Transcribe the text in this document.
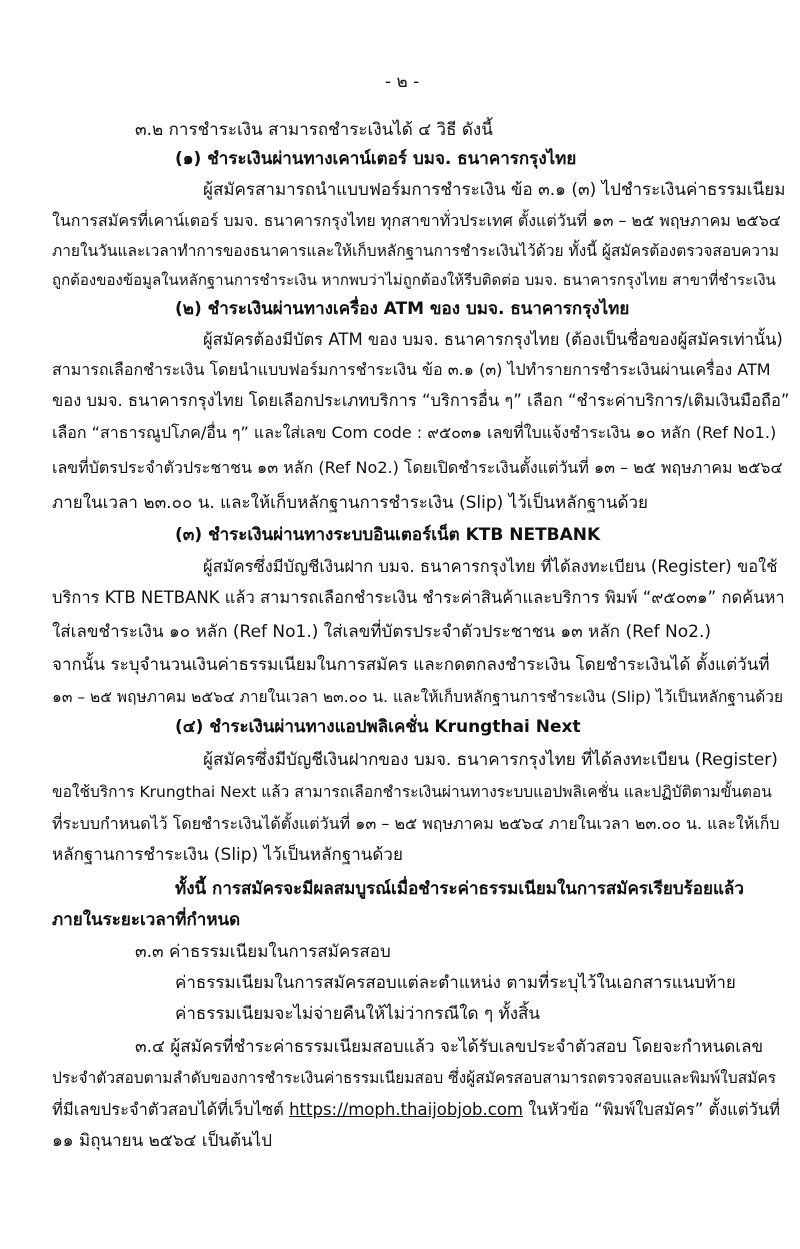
- ๒ -
๓.๒ การชำระเงิน สามารถชำระเงินได้ ๔ วิธี ดังนี้
(๑) ชำระเงินผ่านทางเคาน์เตอร์ บมจ. ธนาคารกรุงไทย
ผู้สมัครสามารถนำแบบฟอร์มการชำระเงิน ข้อ ๓.๑ (๓) ไปชำระเงินค่าธรรมเนียม
ในการสมัครที่เคาน์เตอร์ บมจ. ธนาคารกรุงไทย ทุกสาขาทั่วประเทศ ตั้งแต่วันที่ ๑๓ – ๒๕ พฤษภาคม ๒๕๖๔
ภายในวันและเวลาทำการของธนาคารและให้เก็บหลักฐานการชำระเงินไว้ด้วย ทั้งนี้ ผู้สมัครต้องตรวจสอบความ
ถูกต้องของข้อมูลในหลักฐานการชำระเงิน หากพบว่าไม่ถูกต้องให้รีบติดต่อ บมจ. ธนาคารกรุงไทย สาขาที่ชำระเงิน
(๒) ชำระเงินผ่านทางเครื่อง ATM ของ บมจ. ธนาคารกรุงไทย
ผู้สมัครต้องมีบัตร ATM ของ บมจ. ธนาคารกรุงไทย (ต้องเป็นชื่อของผู้สมัครเท่านั้น)
สามารถเลือกชำระเงิน โดยนำแบบฟอร์มการชำระเงิน ข้อ ๓.๑ (๓) ไปทำรายการชำระเงินผ่านเครื่อง ATM
ของ บมจ. ธนาคารกรุงไทย โดยเลือกประเภทบริการ “บริการอื่น ๆ” เลือก “ชำระค่าบริการ/เติมเงินมือถือ”
เลือก “สาธารณูปโภค/อื่น ๆ” และใส่เลข Com code : ๙๕๐๓๑ เลขที่ใบแจ้งชำระเงิน ๑๐ หลัก (Ref No1.)
เลขที่บัตรประจำตัวประชาชน ๑๓ หลัก (Ref No2.) โดยเปิดชำระเงินตั้งแต่วันที่ ๑๓ – ๒๕ พฤษภาคม ๒๕๖๔
ภายในเวลา ๒๓.๐๐ น. และให้เก็บหลักฐานการชำระเงิน (Slip) ไว้เป็นหลักฐานด้วย
(๓) ชำระเงินผ่านทางระบบอินเตอร์เน็ต KTB NETBANK
ผู้สมัครซึ่งมีบัญชีเงินฝาก บมจ. ธนาคารกรุงไทย ที่ได้ลงทะเบียน (Register) ขอใช้
บริการ KTB NETBANK แล้ว สามารถเลือกชำระเงิน ชำระค่าสินค้าและบริการ พิมพ์ “๙๕๐๓๑” กดค้นหา
ใส่เลขชำระเงิน ๑๐ หลัก (Ref No1.) ใส่เลขที่บัตรประจำตัวประชาชน ๑๓ หลัก (Ref No2.)
จากนั้น ระบุจำนวนเงินค่าธรรมเนียมในการสมัคร และกดตกลงชำระเงิน โดยชำระเงินได้ ตั้งแต่วันที่
๑๓ – ๒๕ พฤษภาคม ๒๕๖๔ ภายในเวลา ๒๓.๐๐ น. และให้เก็บหลักฐานการชำระเงิน (Slip) ไว้เป็นหลักฐานด้วย
(๔) ชำระเงินผ่านทางแอปพลิเคชั่น Krungthai Next
ผู้สมัครซึ่งมีบัญชีเงินฝากของ บมจ. ธนาคารกรุงไทย ที่ได้ลงทะเบียน (Register)
ขอใช้บริการ Krungthai Next แล้ว สามารถเลือกชำระเงินผ่านทางระบบแอปพลิเคชั่น และปฏิบัติตามขั้นตอน
ที่ระบบกำหนดไว้ โดยชำระเงินได้ตั้งแต่วันที่ ๑๓ – ๒๕ พฤษภาคม ๒๕๖๔ ภายในเวลา ๒๓.๐๐ น. และให้เก็บ
หลักฐานการชำระเงิน (Slip) ไว้เป็นหลักฐานด้วย
ทั้งนี้ การสมัครจะมีผลสมบูรณ์เมื่อชำระค่าธรรมเนียมในการสมัครเรียบร้อยแล้ว
ภายในระยะเวลาที่กำหนด
๓.๓ ค่าธรรมเนียมในการสมัครสอบ
ค่าธรรมเนียมในการสมัครสอบแต่ละตำแหน่ง ตามที่ระบุไว้ในเอกสารแนบท้าย
ค่าธรรมเนียมจะไม่จ่ายคืนให้ไม่ว่ากรณีใด ๆ ทั้งสิ้น
๓.๔ ผู้สมัครที่ชำระค่าธรรมเนียมสอบแล้ว จะได้รับเลขประจำตัวสอบ โดยจะกำหนดเลข
ประจำตัวสอบตามลำดับของการชำระเงินค่าธรรมเนียมสอบ ซึ่งผู้สมัครสอบสามารถตรวจสอบและพิมพ์ใบสมัคร
ที่มีเลขประจำตัวสอบได้ที่เว็บไซต์ https://moph.thaijobjob.com ในหัวข้อ “พิมพ์ใบสมัคร” ตั้งแต่วันที่
๑๑ มิถุนายน ๒๕๖๔ เป็นต้นไป
